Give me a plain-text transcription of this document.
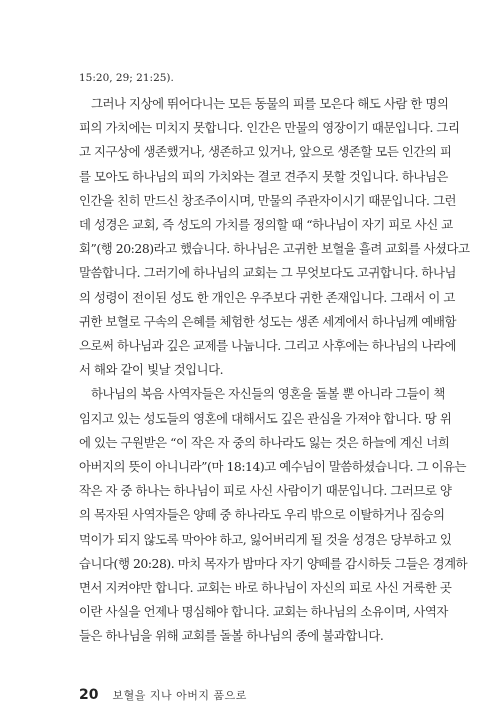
15:20, 29; 21:25).
그러나 지상에 뛰어다니는 모든 동물의 피를 모은다 해도 사람 한 명의
피의 가치에는 미치지 못합니다. 인간은 만물의 영장이기 때문입니다. 그리
고 지구상에 생존했거나, 생존하고 있거나, 앞으로 생존할 모든 인간의 피
를 모아도 하나님의 피의 가치와는 결코 견주지 못할 것입니다. 하나님은
인간을 친히 만드신 창조주이시며, 만물의 주관자이시기 때문입니다. 그런
데 성경은 교회, 즉 성도의 가치를 정의할 때 “하나님이 자기 피로 사신 교
회”(행 20:28)라고 했습니다. 하나님은 고귀한 보혈을 흘려 교회를 사셨다고
말씀합니다. 그러기에 하나님의 교회는 그 무엇보다도 고귀합니다. 하나님
의 성령이 전이된 성도 한 개인은 우주보다 귀한 존재입니다. 그래서 이 고
귀한 보혈로 구속의 은혜를 체험한 성도는 생존 세계에서 하나님께 예배함
으로써 하나님과 깊은 교제를 나눕니다. 그리고 사후에는 하나님의 나라에
서 해와 같이 빛날 것입니다.
하나님의 복음 사역자들은 자신들의 영혼을 돌볼 뿐 아니라 그들이 책
임지고 있는 성도들의 영혼에 대해서도 깊은 관심을 가져야 합니다. 땅 위
에 있는 구원받은 “이 작은 자 중의 하나라도 잃는 것은 하늘에 계신 너희
아버지의 뜻이 아니니라”(마 18:14)고 예수님이 말씀하셨습니다. 그 이유는
작은 자 중 하나는 하나님이 피로 사신 사람이기 때문입니다. 그러므로 양
의 목자된 사역자들은 양떼 중 하나라도 우리 밖으로 이탈하거나 짐승의
먹이가 되지 않도록 막아야 하고, 잃어버리게 될 것을 성경은 당부하고 있
습니다(행 20:28). 마치 목자가 밤마다 자기 양떼를 감시하듯 그들은 경계하
면서 지켜야만 합니다. 교회는 바로 하나님이 자신의 피로 사신 거룩한 곳
이란 사실을 언제나 명심해야 합니다. 교회는 하나님의 소유이며, 사역자
들은 하나님을 위해 교회를 돌볼 하나님의 종에 불과합니다.
20 보혈을 지나 아버지 품으로
